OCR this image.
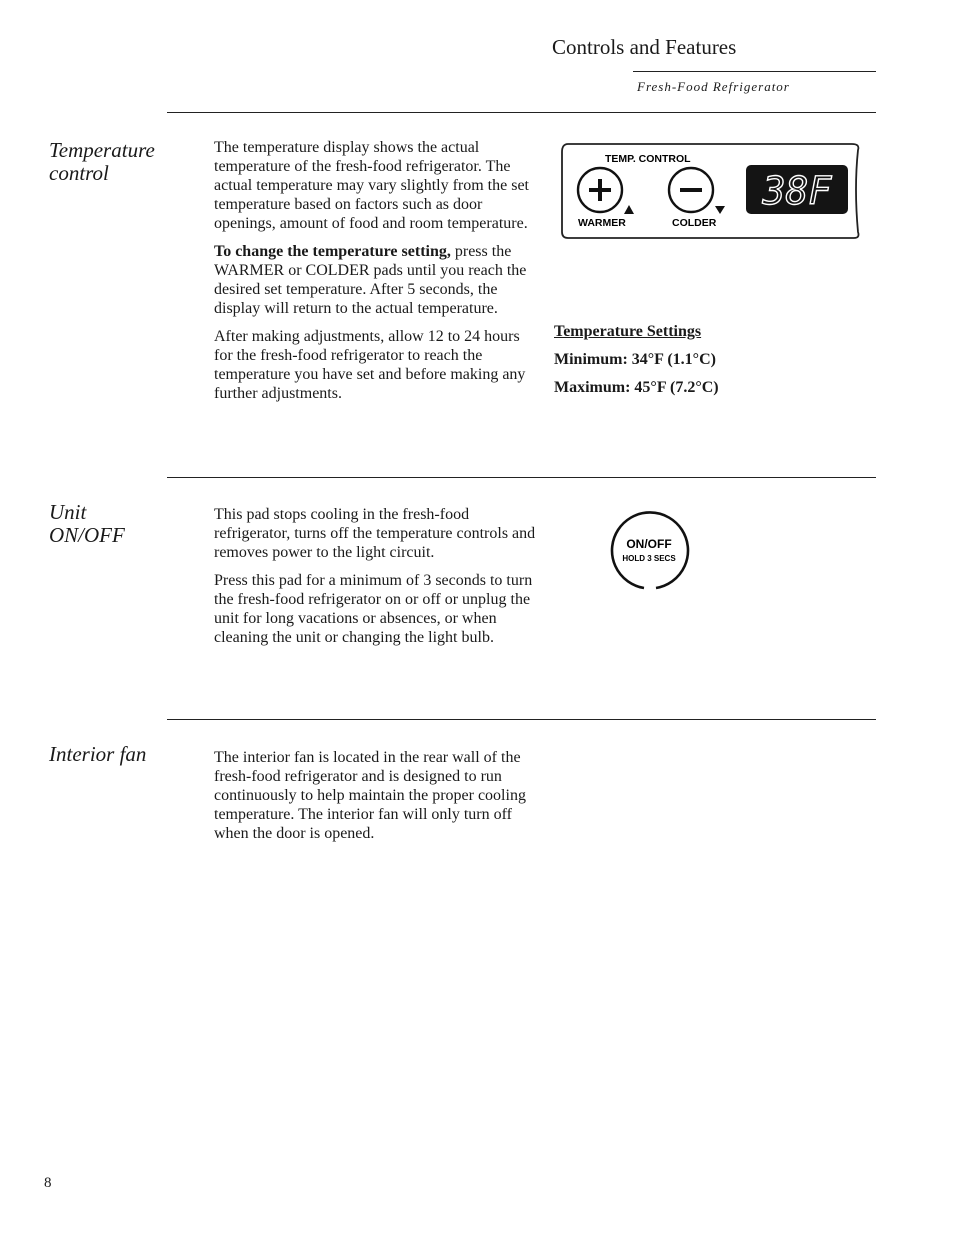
Controls and Features
Fresh-Food Refrigerator
Temperature
control

The temperature display shows the actual temperature of the fresh-food refrigerator. The actual temperature may vary slightly from the set temperature based on factors such as door openings, amount of food and room temperature.

To change the temperature setting, press the WARMER or COLDER pads until you reach the desired set temperature. After 5 seconds, the display will return to the actual temperature.

After making adjustments, allow 12 to 24 hours for the fresh-food refrigerator to reach the temperature you have set and before making any further adjustments.

TEMP. CONTROL
WARMER	COLDER
38F
Temperature Settings
Minimum: 34°F (1.1°C)
Maximum: 45°F (7.2°C)
Unit
ON/OFF

This pad stops cooling in the fresh-food refrigerator, turns off the temperature controls and removes power to the light circuit.

Press this pad for a minimum of 3 seconds to turn the fresh-food refrigerator on or off or unplug the unit for long vacations or absences, or when cleaning the unit or changing the light bulb.

ON/OFF
HOLD 3 SECS
Interior fan	The interior fan is located in the rear wall of the fresh-food refrigerator and is designed to run continuously to help maintain the proper cooling temperature. The interior fan will only turn off when the door is opened.

8
